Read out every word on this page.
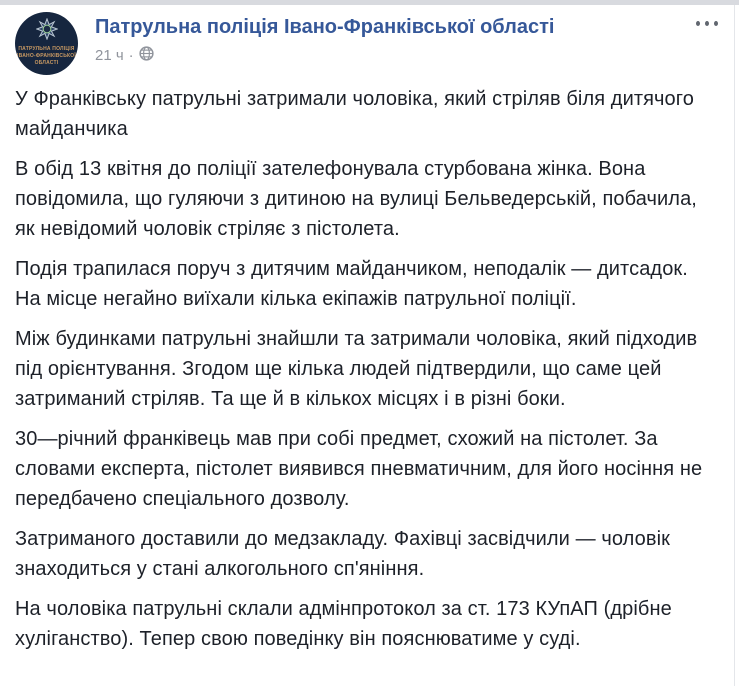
ПАТРУЛЬНА ПОЛІЦІЯ
ІВАНО-ФРАНКІВСЬКОЇ
ОБЛАСТІ
Патрульна поліція Івано-Франківської області
21 ч ·

У Франківську патрульні затримали чоловіка, який стріляв біля дитячого майданчика

В обід 13 квітня до поліції зателефонувала стурбована жінка. Вона повідомила, що гуляючи з дитиною на вулиці Бельведерській, побачила, як невідомий чоловік стріляє з пістолета.

Подія трапилася поруч з дитячим майданчиком, неподалік — дитсадок. На місце негайно виїхали кілька екіпажів патрульної поліції.

Між будинками патрульні знайшли та затримали чоловіка, який підходив під орієнтування. Згодом ще кілька людей підтвердили, що саме цей затриманий стріляв. Та ще й в кількох місцях і в різні боки.

30—річний франківець мав при собі предмет, схожий на пістолет. За словами експерта, пістолет виявився пневматичним, для його носіння не передбачено спеціального дозволу.

Затриманого доставили до медзакладу. Фахівці засвідчили — чоловік знаходиться у стані алкогольного сп'яніння.

На чоловіка патрульні склали адмінпротокол за ст. 173 КУпАП (дрібне хуліганство). Тепер свою поведінку він пояснюватиме у суді.
